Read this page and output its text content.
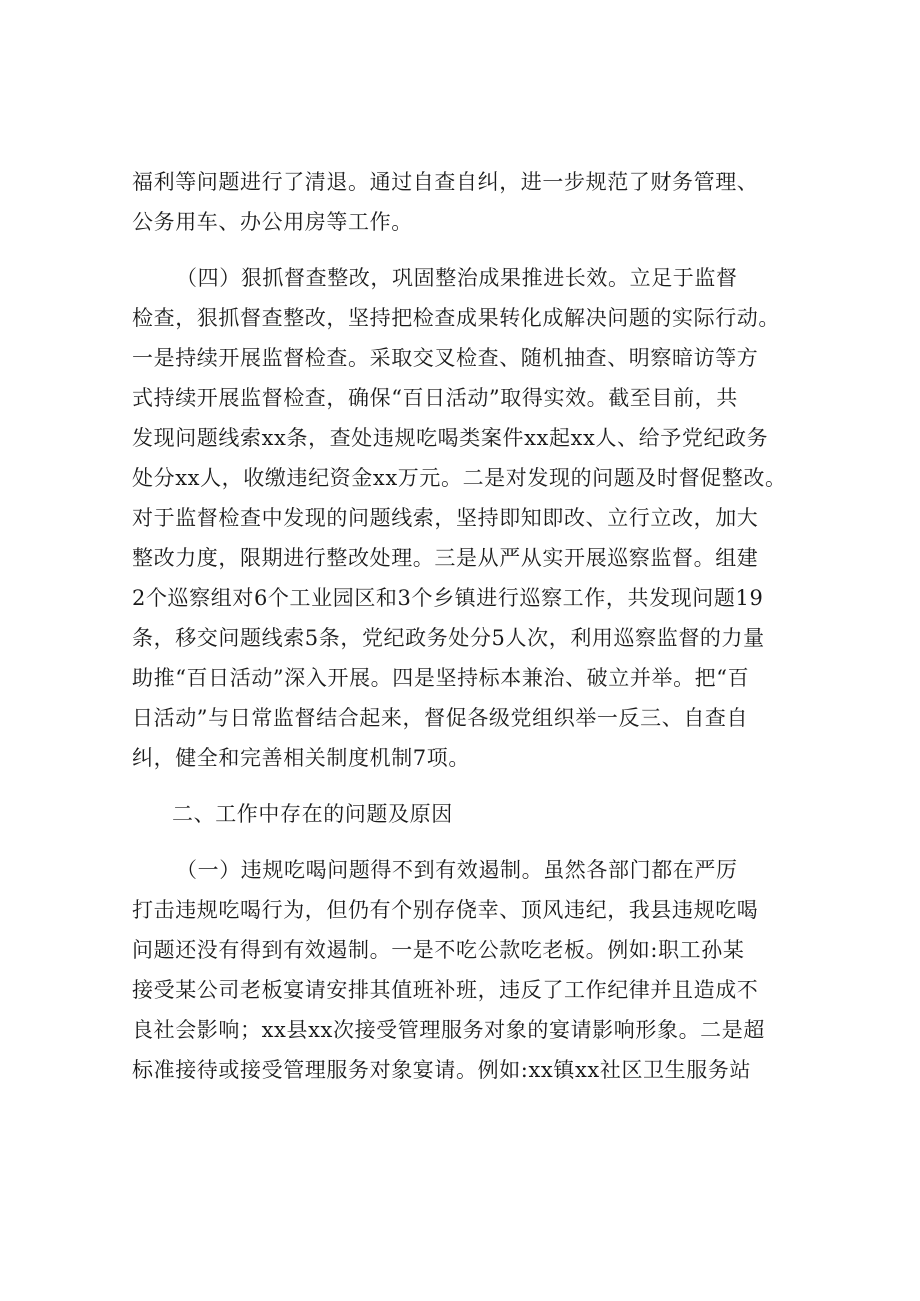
福利等问题进行了清退。通过自查自纠，进一步规范了财务管理、
公务用车、办公用房等工作。
（四）狠抓督查整改，巩固整治成果推进长效。立足于监督
检查，狠抓督查整改，坚持把检查成果转化成解决问题的实际行动。
一是持续开展监督检查。采取交叉检查、随机抽查、明察暗访等方
式持续开展监督检查，确保“百日活动”取得实效。截至目前，共
发现问题线索xx条，查处违规吃喝类案件xx起xx人、给予党纪政务
处分xx人，收缴违纪资金xx万元。二是对发现的问题及时督促整改。
对于监督检查中发现的问题线索，坚持即知即改、立行立改，加大
整改力度，限期进行整改处理。三是从严从实开展巡察监督。组建
2个巡察组对6个工业园区和3个乡镇进行巡察工作，共发现问题19
条，移交问题线索5条，党纪政务处分5人次，利用巡察监督的力量
助推“百日活动”深入开展。四是坚持标本兼治、破立并举。把“百
日活动”与日常监督结合起来，督促各级党组织举一反三、自查自
纠，健全和完善相关制度机制7项。
二、工作中存在的问题及原因
（一）违规吃喝问题得不到有效遏制。虽然各部门都在严厉
打击违规吃喝行为，但仍有个别存侥幸、顶风违纪，我县违规吃喝
问题还没有得到有效遏制。一是不吃公款吃老板。例如:职工孙某
接受某公司老板宴请安排其值班补班，违反了工作纪律并且造成不
良社会影响；xx县xx次接受管理服务对象的宴请影响形象。二是超
标准接待或接受管理服务对象宴请。例如:xx镇xx社区卫生服务站
